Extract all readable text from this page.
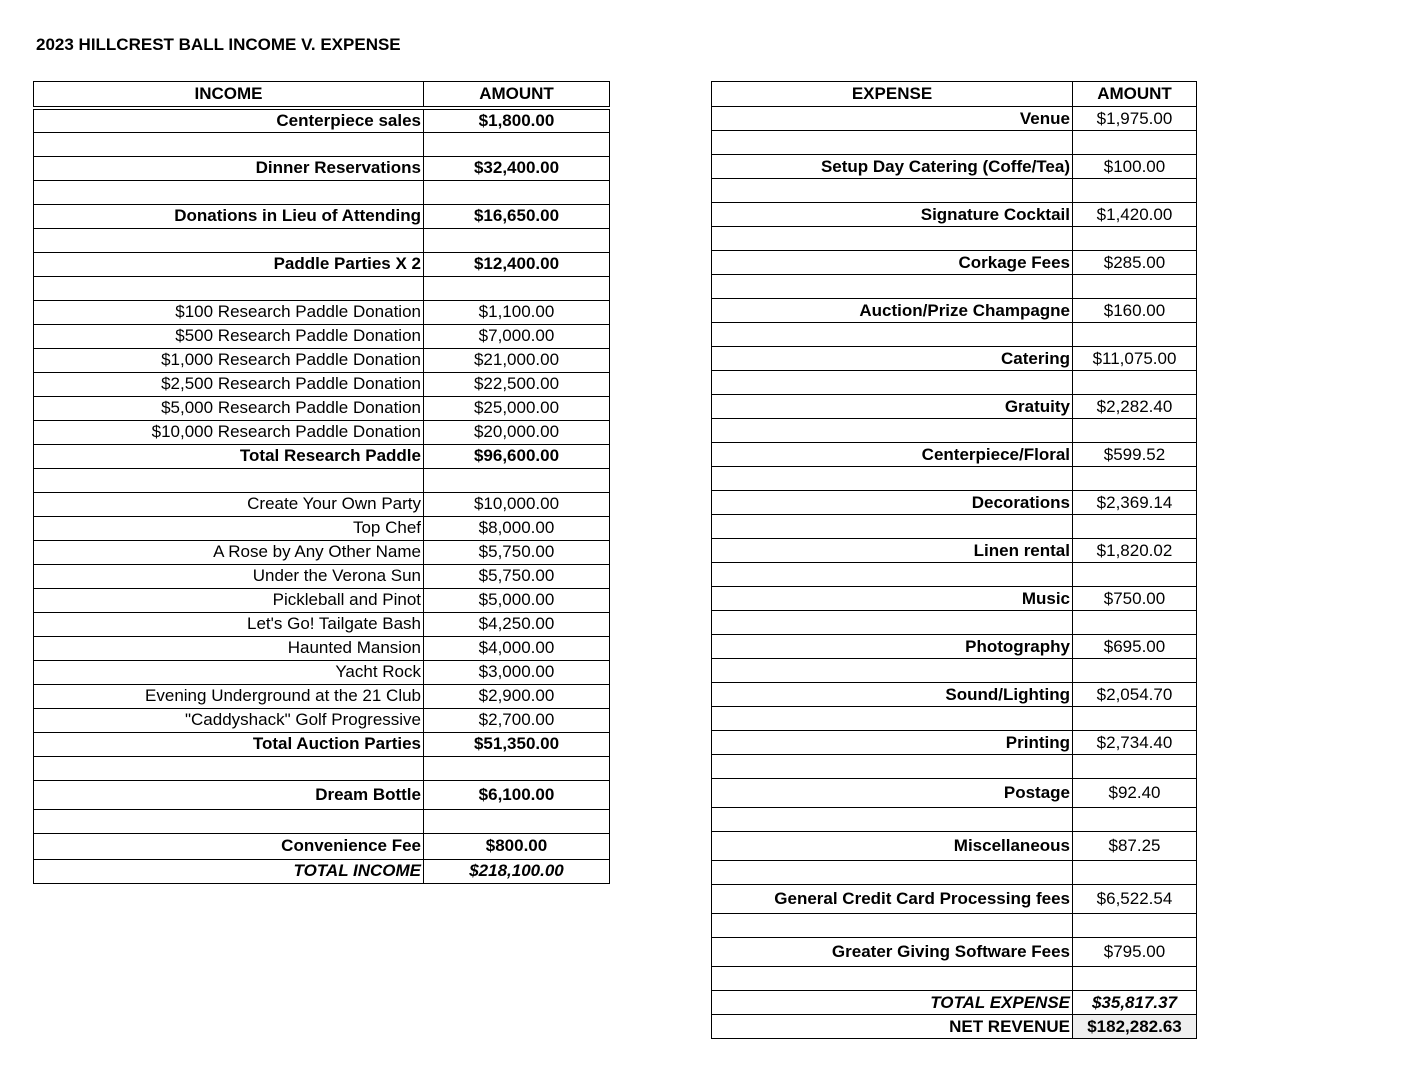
2023 HILLCREST BALL INCOME V. EXPENSE
INCOME	AMOUNT
Centerpiece sales	$1,800.00

Dinner Reservations	$32,400.00

Donations in Lieu of Attending	$16,650.00

Paddle Parties X 2	$12,400.00

$100 Research Paddle Donation	$1,100.00
$500 Research Paddle Donation	$7,000.00
$1,000 Research Paddle Donation	$21,000.00
$2,500 Research Paddle Donation	$22,500.00
$5,000 Research Paddle Donation	$25,000.00
$10,000 Research Paddle Donation	$20,000.00
Total Research Paddle	$96,600.00

Create Your Own Party	$10,000.00
Top Chef	$8,000.00
A Rose by Any Other Name	$5,750.00
Under the Verona Sun	$5,750.00
Pickleball and Pinot	$5,000.00
Let's Go! Tailgate Bash	$4,250.00
Haunted Mansion	$4,000.00
Yacht Rock	$3,000.00
Evening Underground at the 21 Club	$2,900.00
"Caddyshack" Golf Progressive	$2,700.00
Total Auction Parties	$51,350.00

Dream Bottle	$6,100.00

Convenience Fee	$800.00
TOTAL INCOME	$218,100.00
EXPENSE	AMOUNT
Venue	$1,975.00

Setup Day Catering (Coffe/Tea)	$100.00

Signature Cocktail	$1,420.00

Corkage Fees	$285.00

Auction/Prize Champagne	$160.00

Catering	$11,075.00

Gratuity	$2,282.40

Centerpiece/Floral	$599.52

Decorations	$2,369.14

Linen rental	$1,820.02

Music	$750.00

Photography	$695.00

Sound/Lighting	$2,054.70

Printing	$2,734.40

Postage	$92.40

Miscellaneous	$87.25

General Credit Card Processing fees	$6,522.54

Greater Giving Software Fees	$795.00

TOTAL EXPENSE	$35,817.37
NET REVENUE	$182,282.63
